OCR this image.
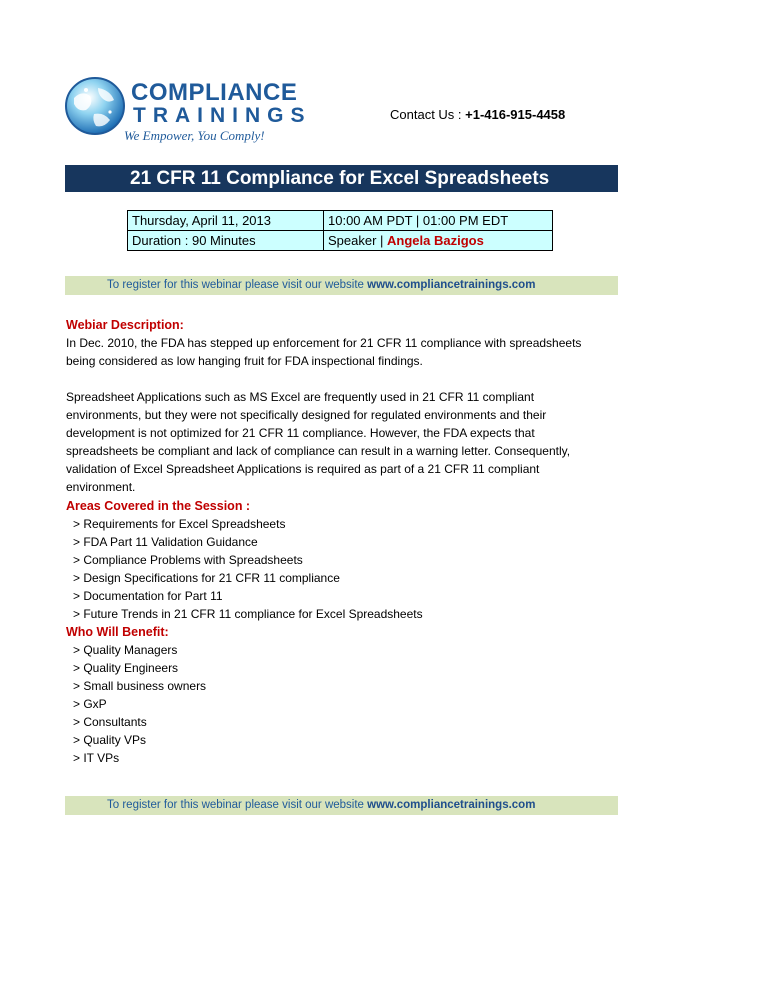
COMPLIANCE
TRAININGS
We Empower, You Comply!
Contact Us : +1-416-915-4458
21 CFR 11 Compliance for Excel Spreadsheets
Thursday, April 11, 2013	10:00 AM PDT | 01:00 PM EDT
Duration : 90 Minutes	Speaker | Angela Bazigos
To register for this webinar please visit our website www.compliancetrainings.com
Webiar Description:
In Dec. 2010, the FDA has stepped up enforcement for 21 CFR 11 compliance with spreadsheets
being considered as low hanging fruit for FDA inspectional findings.
Spreadsheet Applications such as MS Excel are frequently used in 21 CFR 11 compliant
environments, but they were not specifically designed for regulated environments and their
development is not optimized for 21 CFR 11 compliance. However, the FDA expects that
spreadsheets be compliant and lack of compliance can result in a warning letter. Consequently,
validation of Excel Spreadsheet Applications is required as part of a 21 CFR 11 compliant
environment.
Areas Covered in the Session :
> Requirements for Excel Spreadsheets
> FDA Part 11 Validation Guidance
> Compliance Problems with Spreadsheets
> Design Specifications for 21 CFR 11 compliance
> Documentation for Part 11
> Future Trends in 21 CFR 11 compliance for Excel Spreadsheets
Who Will Benefit:
> Quality Managers
> Quality Engineers
> Small business owners
> GxP
> Consultants
> Quality VPs
> IT VPs
To register for this webinar please visit our website www.compliancetrainings.com
